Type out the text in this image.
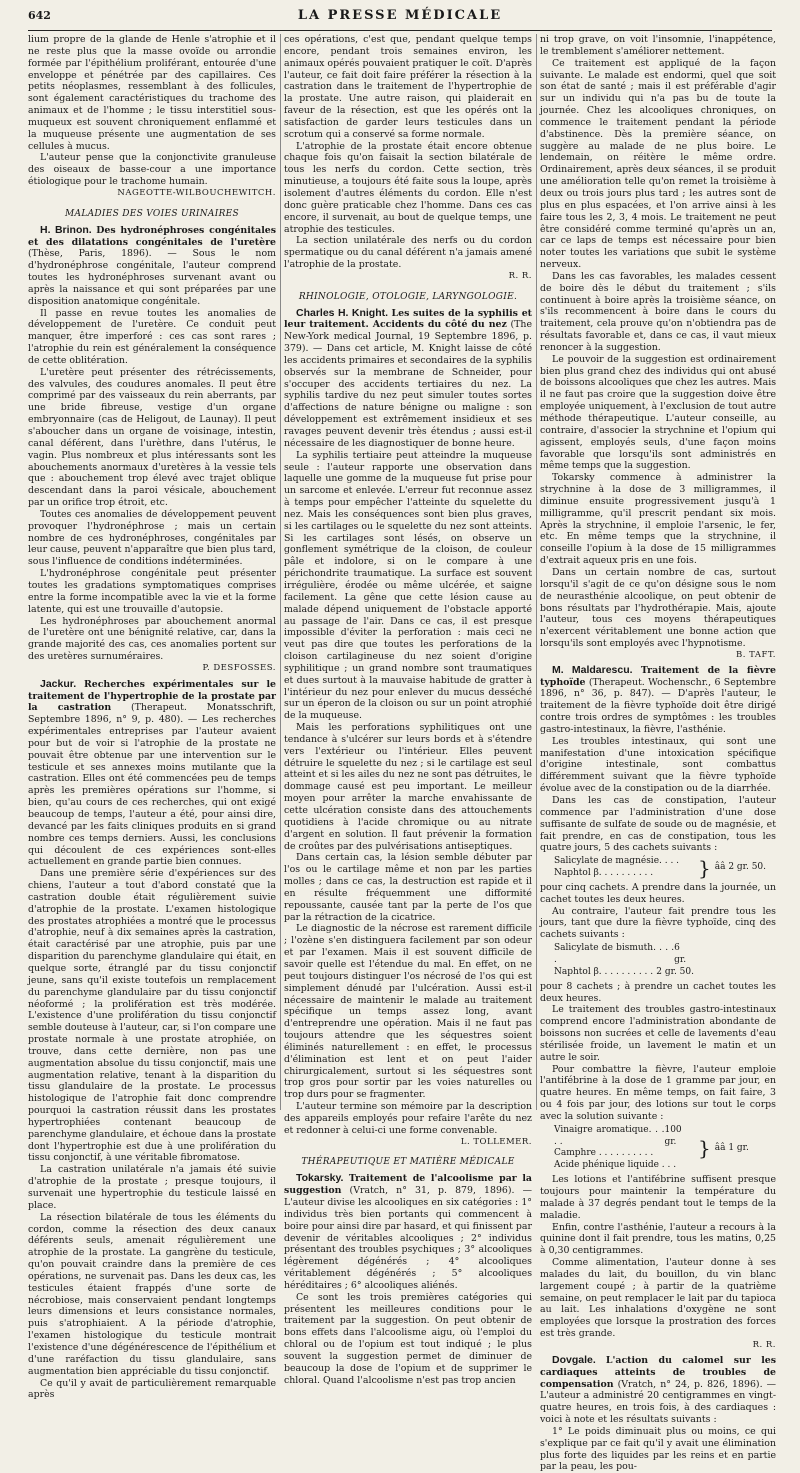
642	LA PRESSE MÉDICALE

lium propre de la glande de Henle s'atrophie et il ne reste plus que la masse ovoïde ou arrondie formée par l'épithélium proliférant, entourée d'une enveloppe et pénétrée par des capillaires. Ces petits néoplasmes, ressemblant à des follicules, sont également caractéristiques du trachome des animaux et de l'homme ; le tissu interstitiel sous-muqueux est souvent chroniquement enflammé et la muqueuse présente une augmentation de ses cellules à mucus.

L'auteur pense que la conjonctivite granuleuse des oiseaux de basse-cour a une importance étiologique pour le trachome humain.

NAGEOTTE-WILBOUCHEWITCH.

MALADIES DES VOIES URINAIRES

H. Brinon. Des hydronéphroses congénitales et des dilatations congénitales de l'uretère (Thèse, Paris, 1896). — Sous le nom d'hydronéphrose congénitale, l'auteur comprend toutes les hydronéphroses survenant avant ou après la naissance et qui sont préparées par une disposition anatomique congénitale.

Il passe en revue toutes les anomalies de développement de l'uretère. Ce conduit peut manquer, être imperforé : ces cas sont rares ; l'atrophie du rein est généralement la conséquence de cette oblitération.

L'uretère peut présenter des rétrécissements, des valvules, des coudures anomales. Il peut être comprimé par des vaisseaux du rein aberrants, par une bride fibreuse, vestige d'un organe embryonnaire (cas de Heligout, de Launay). Il peut s'aboucher dans un organe de voisinage, intestin, canal déférent, dans l'urèthre, dans l'utérus, le vagin. Plus nombreux et plus intéressants sont les abouchements anormaux d'uretères à la vessie tels que : abouchement trop élevé avec trajet oblique descendant dans la paroi vésicale, abouchement par un orifice trop étroit, etc.

Toutes ces anomalies de développement peuvent provoquer l'hydronéphrose ; mais un certain nombre de ces hydronéphroses, congénitales par leur cause, peuvent n'apparaître que bien plus tard, sous l'influence de conditions indéterminées.

L'hydronéphrose congénitale peut présenter toutes les gradations symptomatiques comprises entre la forme incompatible avec la vie et la forme latente, qui est une trouvaille d'autopsie.

Les hydronéphroses par abouchement anormal de l'uretère ont une bénignité relative, car, dans la grande majorité des cas, ces anomalies portent sur des uretères surnuméraires.

P. DESFOSSES.

Jackur. Recherches expérimentales sur le traitement de l'hypertrophie de la prostate par la castration (Therapeut. Monatsschrift, Septembre 1896, n° 9, p. 480). — Les recherches expérimentales entreprises par l'auteur avaient pour but de voir si l'atrophie de la prostate ne pouvait être obtenue par une intervention sur le testicule et ses annexes moins mutilante que la castration. Elles ont été commencées peu de temps après les premières opérations sur l'homme, si bien, qu'au cours de ces recherches, qui ont exigé beaucoup de temps, l'auteur a été, pour ainsi dire, devancé par les faits cliniques produits en si grand nombre ces temps derniers. Aussi, les conclusions qui découlent de ces expériences sont-elles actuellement en grande partie bien connues.

Dans une première série d'expériences sur des chiens, l'auteur a tout d'abord constaté que la castration double était régulièrement suivie d'atrophie de la prostate. L'examen histologique des prostates atrophiées a montré que le processus d'atrophie, neuf à dix semaines après la castration, était caractérisé par une atrophie, puis par une disparition du parenchyme glandulaire qui était, en quelque sorte, étranglé par du tissu conjonctif jeune, sans qu'il existe toutefois un remplacement du parenchyme glandulaire par du tissu conjonctif néoformé ; la prolifération est très modérée. L'existence d'une prolifération du tissu conjonctif semble douteuse à l'auteur, car, si l'on compare une prostate normale à une prostate atrophiée, on trouve, dans cette dernière, non pas une augmentation absolue du tissu conjonctif, mais une augmentation relative, tenant à la disparition du tissu glandulaire de la prostate. Le processus histologique de l'atrophie fait donc comprendre pourquoi la castration réussit dans les prostates hypertrophiées contenant beaucoup de parenchyme glandulaire, et échoue dans la prostate dont l'hypertrophie est due à une prolifération du tissu conjonctif, à une véritable fibromatose.

La castration unilatérale n'a jamais été suivie d'atrophie de la prostate ; presque toujours, il survenait une hypertrophie du testicule laissé en place.

La résection bilatérale de tous les éléments du cordon, comme la résection des deux canaux déférents seuls, amenait régulièrement une atrophie de la prostate. La gangrène du testicule, qu'on pouvait craindre dans la première de ces opérations, ne survenait pas. Dans les deux cas, les testicules étaient frappés d'une sorte de nécrobiose, mais conservaient pendant longtemps leurs dimensions et leurs consistance normales, puis s'atrophiaient. A la période d'atrophie, l'examen histologique du testicule montrait l'existence d'une dégénérescence de l'épithélium et d'une raréfaction du tissu glandulaire, sans augmentation bien appréciable du tissu conjonctif.

Ce qu'il y avait de particulièrement remarquable après

ces opérations, c'est que, pendant quelque temps encore, pendant trois semaines environ, les animaux opérés pouvaient pratiquer le coït. D'après l'auteur, ce fait doit faire préférer la résection à la castration dans le traitement de l'hypertrophie de la prostate. Une autre raison, qui plaiderait en faveur de la résection, est que les opérés ont la satisfaction de garder leurs testicules dans un scrotum qui a conservé sa forme normale.

L'atrophie de la prostate était encore obtenue chaque fois qu'on faisait la section bilatérale de tous les nerfs du cordon. Cette section, très minutieuse, a toujours été faite sous la loupe, après isolement d'autres éléments du cordon. Elle n'est donc guère praticable chez l'homme. Dans ces cas encore, il survenait, au bout de quelque temps, une atrophie des testicules.

La section unilatérale des nerfs ou du cordon spermatique ou du canal déférent n'a jamais amené l'atrophie de la prostate.

R. R.

RHINOLOGIE, OTOLOGIE, LARYNGOLOGIE.

Charles H. Knight. Les suites de la syphilis et leur traitement. Accidents du côté du nez (The New-York medical Journal, 19 Septembre 1896, p. 379). — Dans cet article, M. Knight laisse de côté les accidents primaires et secondaires de la syphilis observés sur la membrane de Schneider, pour s'occuper des accidents tertiaires du nez. La syphilis tardive du nez peut simuler toutes sortes d'affections de nature bénigne ou maligne : son développement est extrêmement insidieux et ses ravages peuvent devenir très étendus ; aussi est-il nécessaire de les diagnostiquer de bonne heure.

La syphilis tertiaire peut atteindre la muqueuse seule : l'auteur rapporte une observation dans laquelle une gomme de la muqueuse fut prise pour un sarcome et enlevée. L'erreur fut reconnue assez à temps pour empêcher l'atteinte du squelette du nez. Mais les conséquences sont bien plus graves, si les cartilages ou le squelette du nez sont atteints. Si les cartilages sont lésés, on observe un gonflement symétrique de la cloison, de couleur pâle et indolore, si on le compare à une périchondrite traumatique. La surface est souvent irrégulière, érodée ou même ulcérée, et saigne facilement. La gêne que cette lésion cause au malade dépend uniquement de l'obstacle apporté au passage de l'air. Dans ce cas, il est presque impossible d'éviter la perforation : mais ceci ne veut pas dire que toutes les perforations de la cloison cartilagineuse du nez soient d'origine syphilitique ; un grand nombre sont traumatiques et dues surtout à la mauvaise habitude de gratter à l'intérieur du nez pour enlever du mucus desséché sur un éperon de la cloison ou sur un point atrophié de la muqueuse.

Mais les perforations syphilitiques ont une tendance à s'ulcérer sur leurs bords et à s'étendre vers l'extérieur ou l'intérieur. Elles peuvent détruire le squelette du nez ; si le cartilage est seul atteint et si les ailes du nez ne sont pas détruites, le dommage causé est peu important. Le meilleur moyen pour arrêter la marche envahissante de cette ulcération consiste dans des attouchements quotidiens à l'acide chromique ou au nitrate d'argent en solution. Il faut prévenir la formation de croûtes par des pulvérisations antiseptiques.

Dans certain cas, la lésion semble débuter par l'os ou le cartilage même et non par les parties molles ; dans ce cas, la destruction est rapide et il en résulte fréquemment une difformité repoussante, causée tant par la perte de l'os que par la rétraction de la cicatrice.

Le diagnostic de la nécrose est rarement difficile ; l'ozène s'en distinguera facilement par son odeur et par l'examen. Mais il est souvent difficile de savoir quelle est l'étendue du mal. En effet, on ne peut toujours distinguer l'os nécrosé de l'os qui est simplement dénudé par l'ulcération. Aussi est-il nécessaire de maintenir le malade au traitement spécifique un temps assez long, avant d'entreprendre une opération. Mais il ne faut pas toujours attendre que les séquestres soient éliminés naturellement : en effet, le processus d'élimination est lent et on peut l'aider chirurgicalement, surtout si les séquestres sont trop gros pour sortir par les voies naturelles ou trop durs pour se fragmenter.

L'auteur termine son mémoire par la description des appareils employés pour refaire l'arête du nez et redonner à celui-ci une forme convenable.

L. TOLLEMER.

THÉRAPEUTIQUE ET MATIÈRE MÉDICALE

Tokarsky. Traitement de l'alcoolisme par la suggestion (Vratch, n° 31, p. 879, 1896). — L'auteur divise les alcooliques en six catégories : 1° individus très bien portants qui commencent à boire pour ainsi dire par hasard, et qui finissent par devenir de véritables alcooliques ; 2° individus présentant des troubles psychiques ; 3° alcooliques légèrement dégénérés ; 4° alcooliques véritablement dégénérés ; 5° alcooliques héréditaires ; 6° alcooliques aliénés.

Ce sont les trois premières catégories qui présentent les meilleures conditions pour le traitement par la suggestion. On peut obtenir de bons effets dans l'alcoolisme aigu, où l'emploi du chloral ou de l'opium est tout indiqué ; le plus souvent la suggestion permet de diminuer de beaucoup la dose de l'opium et de supprimer le chloral. Quand l'alcoolisme n'est pas trop ancien

ni trop grave, on voit l'insomnie, l'inappétence, le tremblement s'améliorer nettement.

Ce traitement est appliqué de la façon suivante. Le malade est endormi, quel que soit son état de santé ; mais il est préférable d'agir sur un individu qui n'a pas bu de toute la journée. Chez les alcooliques chroniques, on commence le traitement pendant la période d'abstinence. Dès la première séance, on suggère au malade de ne plus boire. Le lendemain, on réitère le même ordre. Ordinairement, après deux séances, il se produit une amélioration telle qu'on remet la troisième à deux ou trois jours plus tard ; les autres sont de plus en plus espacées, et l'on arrive ainsi à les faire tous les 2, 3, 4 mois. Le traitement ne peut être considéré comme terminé qu'après un an, car ce laps de temps est nécessaire pour bien noter toutes les variations que subit le système nerveux.

Dans les cas favorables, les malades cessent de boire dès le début du traitement ; s'ils continuent à boire après la troisième séance, on s'ils recommencent à boire dans le cours du traitement, cela prouve qu'on n'obtiendra pas de résultats favorable et, dans ce cas, il vaut mieux renoncer à la suggestion.

Le pouvoir de la suggestion est ordinairement bien plus grand chez des individus qui ont abusé de boissons alcooliques que chez les autres. Mais il ne faut pas croire que la suggestion doive être employée uniquement, à l'exclusion de tout autre méthode thérapeutique. L'auteur conseille, au contraire, d'associer la strychnine et l'opium qui agissent, employés seuls, d'une façon moins favorable que lorsqu'ils sont administrés en même temps que la suggestion.

Tokarsky commence à administrer la strychnine à la dose de 3 milligrammes, il diminue ensuite progressivement jusqu'à 1 milligramme, qu'il prescrit pendant six mois. Après la strychnine, il emploie l'arsenic, le fer, etc. En même temps que la strychnine, il conseille l'opium à la dose de 15 milligrammes d'extrait aqueux pris en une fois.

Dans un certain nombre de cas, surtout lorsqu'il s'agit de ce qu'on désigne sous le nom de neurasthénie alcoolique, on peut obtenir de bons résultats par l'hydrothérapie. Mais, ajoute l'auteur, tous ces moyens thérapeutiques n'exercent véritablement une bonne action que lorsqu'ils sont employés avec l'hypnotisme.

B. TAFT.

M. Maldarescu. Traitement de la fièvre typhoïde (Therapeut. Wochenschr., 6 Septembre 1896, n° 36, p. 847). — D'après l'auteur, le traitement de la fièvre typhoïde doit être dirigé contre trois ordres de symptômes : les troubles gastro-intestinaux, la fièvre, l'asthénie.

Les troubles intestinaux, qui sont une manifestation d'une intoxication spécifique d'origine intestinale, sont combattus différemment suivant que la fièvre typhoïde évolue avec de la constipation ou de la diarrhée.

Dans les cas de constipation, l'auteur commence par l'administration d'une dose suffisante de sulfate de soude ou de magnésie, et fait prendre, en cas de constipation, tous les quatre jours, 5 des cachets suivants :

Salicylate de magnésie. . . .
Naphtol β. . . . . . . . . . } ââ 2 gr. 50.

pour cinq cachets. A prendre dans la journée, un cachet toutes les deux heures.

Au contraire, l'auteur fait prendre tous les jours, tant que dure la fièvre typhoïde, cinq des cachets suivants :

Salicylate de bismuth. . . . .
6 gr.
Naphtol β. . . . . . . . . . 2 gr. 50.

pour 8 cachets ; à prendre un cachet toutes les deux heures.

Le traitement des troubles gastro-intestinaux comprend encore l'administration abondante de boissons non sucrées et celle de lavements d'eau stérilisée froide, un lavement le matin et un autre le soir.

Pour combattre la fièvre, l'auteur emploie l'antifébrine à la dose de 1 gramme par jour, en quatre heures. En même temps, on fait faire, 3 ou 4 fois par jour, des lotions sur tout le corps avec la solution suivante :

Vinaigre aromatique. . . . .
100 gr.
Camphre . . . . . . . . . .
Acide phénique liquide . . .
} ââ 1 gr.

Les lotions et l'antifébrine suffisent presque toujours pour maintenir la température du malade à 37 degrés pendant tout le temps de la maladie.

Enfin, contre l'asthénie, l'auteur a recours à la quinine dont il fait prendre, tous les matins, 0,25 à 0,30 centigrammes.

Comme alimentation, l'auteur donne à ses malades du lait, du bouillon, du vin blanc largement coupé ; à partir de la quatrième semaine, on peut remplacer le lait par du tapioca au lait. Les inhalations d'oxygène ne sont employées que lorsque la prostration des forces est très grande.

R. R.

Dovgale. L'action du calomel sur les cardiaques atteints de troubles de compensation (Vratch, n° 24, p. 826, 1896). — L'auteur a administré 20 centigrammes en vingt-quatre heures, en trois fois, à des cardiaques : voici à note et les résultats suivants :

1° Le poids diminuait plus ou moins, ce qui s'explique par ce fait qu'il y avait une élimination plus forte des liquides par les reins et en partie par la peau, les pou-
